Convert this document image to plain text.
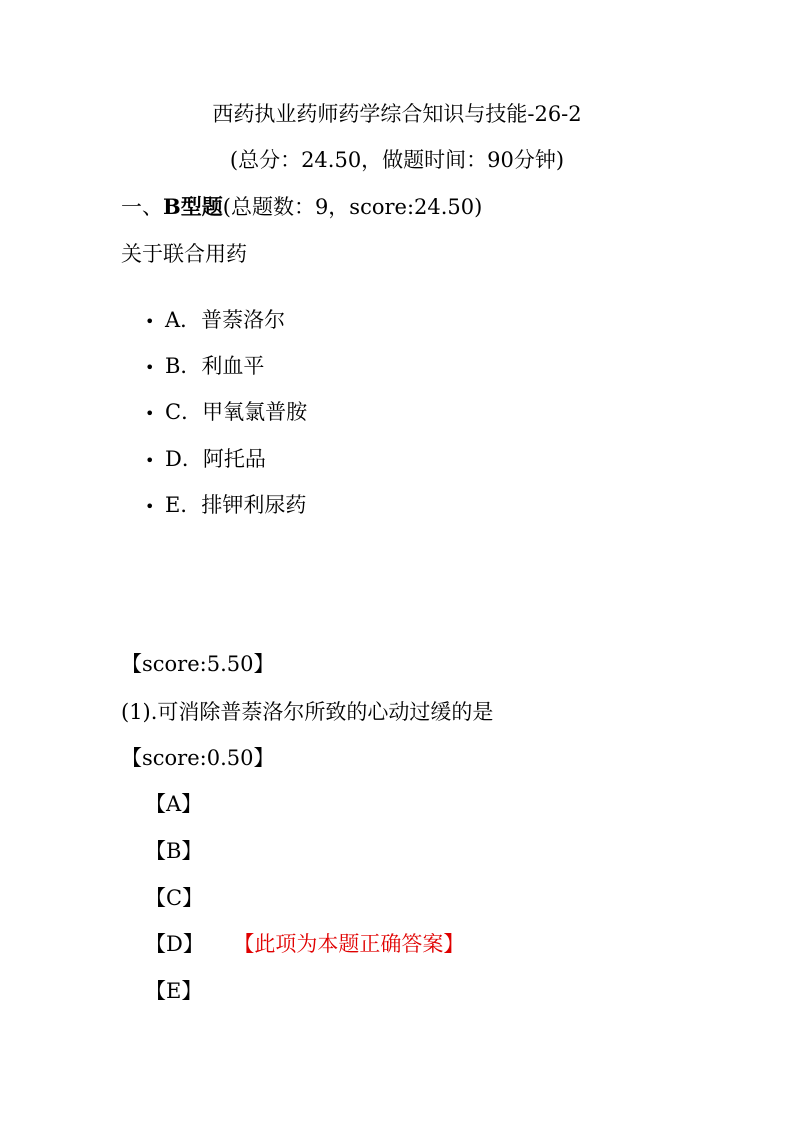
西药执业药师药学综合知识与技能-26-2
(总分：24.50，做题时间：90分钟)
一、B型题(总题数：9，score:24.50)
关于联合用药
• A．普萘洛尔
• B．利血平
• C．甲氧氯普胺
• D．阿托品
• E．排钾利尿药
【score:5.50】
(1).可消除普萘洛尔所致的心动过缓的是
【score:0.50】
【A】
【B】
【C】
【D】 【此项为本题正确答案】
【E】
